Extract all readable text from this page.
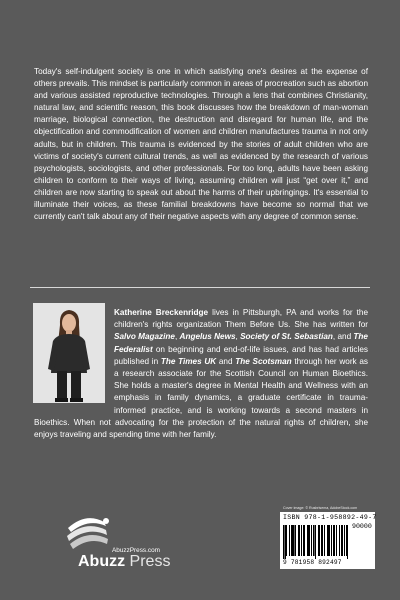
Today's self-indulgent society is one in which satisfying one's desires at the expense of others prevails. This mindset is particularly common in areas of procreation such as abortion and various assisted reproductive technologies. Through a lens that combines Christianity, natural law, and scientific reason, this book discusses how the breakdown of man-woman marriage, biological connection, the destruction and disregard for human life, and the objectification and commodification of women and children manufactures trauma in not only adults, but in children. This trauma is evidenced by the stories of adult children who are victims of society's current cultural trends, as well as evidenced by the research of various psychologists, sociologists, and other professionals. For too long, adults have been asking children to conform to their ways of living, assuming children will just “get over it,” and children are now starting to speak out about the harms of their upbringings. It's essential to illuminate their voices, as these familial breakdowns have become so normal that we currently can't talk about any of their negative aspects with any degree of common sense.
Katherine Breckenridge lives in Pittsburgh, PA and works for the children's rights organization Them Before Us. She has written for Salvo Magazine, Angelus News, Society of St. Sebastian, and The Federalist on beginning and end-of-life issues, and has had articles published in The Times UK and The Scotsman through her work as a research associate for the Scottish Council on Human Bioethics. She holds a master's degree in Mental Health and Wellness with an emphasis in family dynamics, a graduate certificate in trauma-informed practice, and is working towards a second masters in Bioethics. When not advocating for the protection of the natural rights of children, she enjoys traveling and spending time with her family.
Cover image: © Rusbrisema, AdobeStock.com
ISBN 978-1-958892-49-7
90000
9 781958 892497
Abuzz Press
AbuzzPress.com
